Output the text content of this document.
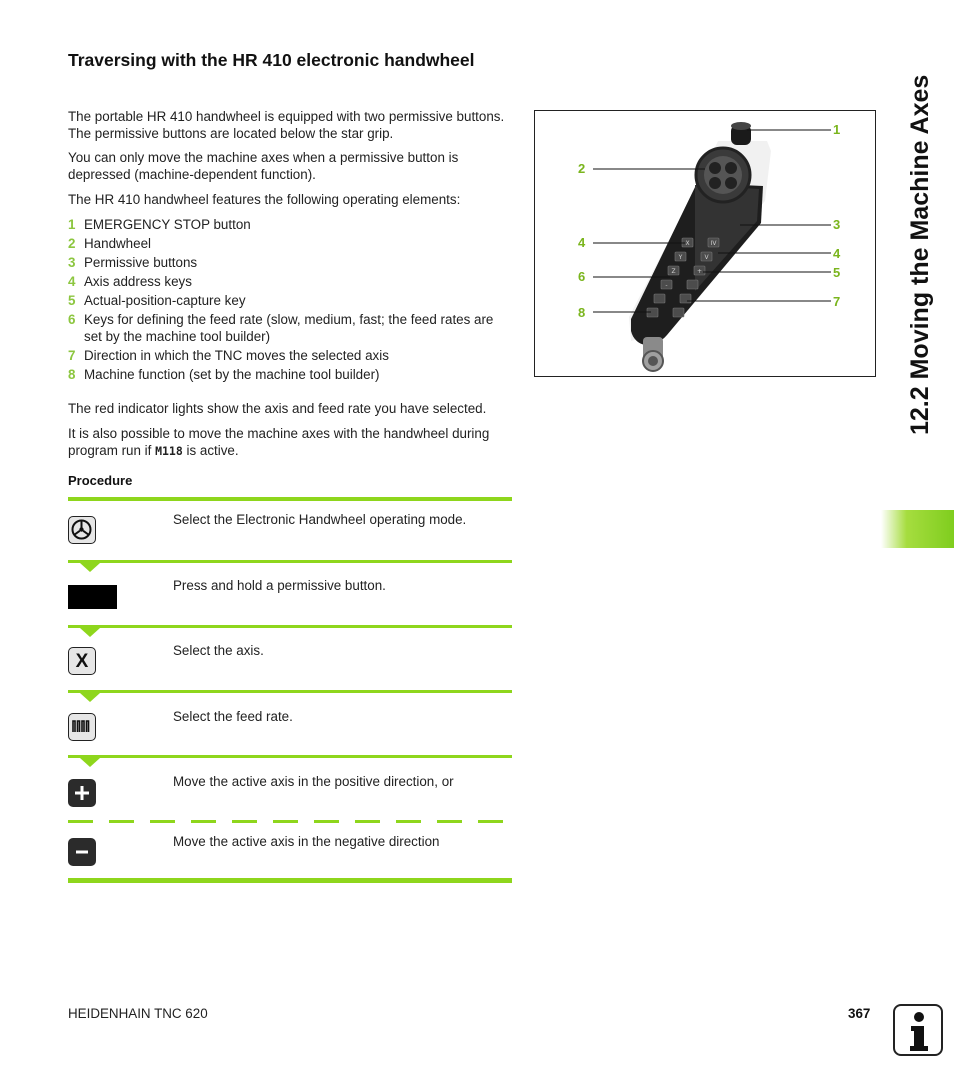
Traversing with the HR 410 electronic handwheel

The portable HR 410 handwheel is equipped with two permissive buttons. The permissive buttons are located below the star grip.

You can only move the machine axes when a permissive button is depressed (machine-dependent function).

The HR 410 handwheel features the following operating elements:

1 EMERGENCY STOP button
2 Handwheel
3 Permissive buttons
4 Axis address keys
5 Actual-position-capture key
6 Keys for defining the feed rate (slow, medium, fast; the feed rates are set by the machine tool builder)
7 Direction in which the TNC moves the selected axis
8 Machine function (set by the machine tool builder)

The red indicator lights show the axis and feed rate you have selected.

It is also possible to move the machine axes with the handwheel during program run if M118 is active.

Procedure
Select the Electronic Handwheel operating mode.
Press and hold a permissive button.
X	Select the axis.
Select the feed rate.
Move the active axis in the positive direction, or
Move the active axis in the negative direction
X	IV
Y	V
Z	+
-
1
2
3
4
4
5
6
7
8	12.2 Moving the Machine Axes
HEIDENHAIN TNC 620	367
